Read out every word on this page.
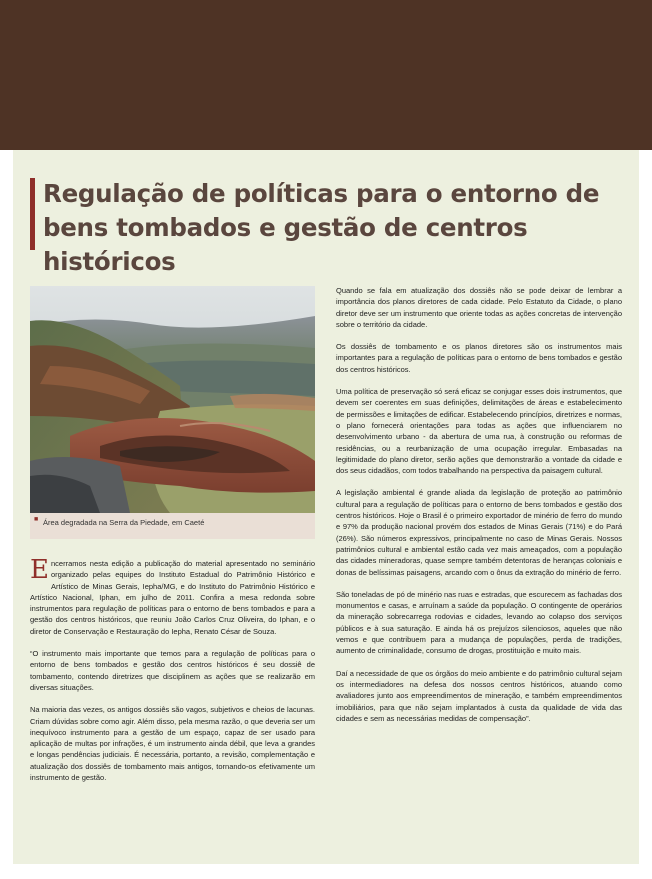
Regulação de políticas para o entorno de bens tombados e gestão de centros históricos
■ Área degradada na Serra da Piedade, em Caeté

Encerramos nesta edição a publicação do material apresentado no seminário organizado pelas equipes do Instituto Estadual do Patrimônio Histórico e Artístico de Minas Gerais, Iepha/MG, e do Instituto do Patrimônio Histórico e Artístico Nacional, Iphan, em julho de 2011. Confira a mesa redonda sobre instrumentos para regulação de políticas para o entorno de bens tombados e para a gestão dos centros históricos, que reuniu João Carlos Cruz Oliveira, do Iphan, e o diretor de Conservação e Restauração do Iepha, Renato César de Souza.

“O instrumento mais importante que temos para a regulação de políticas para o entorno de bens tombados e gestão dos centros históricos é seu dossiê de tombamento, contendo diretrizes que disciplinem as ações que se realizarão em diversas situações.

Na maioria das vezes, os antigos dossiês são vagos, subjetivos e cheios de lacunas. Criam dúvidas sobre como agir. Além disso, pela mesma razão, o que deveria ser um inequívoco instrumento para a gestão de um espaço, capaz de ser usado para aplicação de multas por infrações, é um instrumento ainda débil, que leva a grandes e longas pendências judiciais. É necessária, portanto, a revisão, complementação e atualização dos dossiês de tombamento mais antigos, tornando-os efetivamente um instrumento de gestão.

Quando se fala em atualização dos dossiês não se pode deixar de lembrar a importância dos planos diretores de cada cidade. Pelo Estatuto da Cidade, o plano diretor deve ser um instrumento que oriente todas as ações concretas de intervenção sobre o território da cidade.

Os dossiês de tombamento e os planos diretores são os instrumentos mais importantes para a regulação de políticas para o entorno de bens tombados e gestão dos centros históricos.

Uma política de preservação só será eficaz se conjugar esses dois instrumentos, que devem ser coerentes em suas definições, delimitações de áreas e estabelecimento de permissões e limitações de edificar. Estabelecendo princípios, diretrizes e normas, o plano fornecerá orientações para todas as ações que influenciarem no desenvolvimento urbano - da abertura de uma rua, à construção ou reformas de residências, ou a reurbanização de uma ocupação irregular. Embasadas na legitimidade do plano diretor, serão ações que demonstrarão a vontade da cidade e dos seus cidadãos, com todos trabalhando na perspectiva da paisagem cultural.

A legislação ambiental é grande aliada da legislação de proteção ao patrimônio cultural para a regulação de políticas para o entorno de bens tombados e gestão dos centros históricos. Hoje o Brasil é o primeiro exportador de minério de ferro do mundo e 97% da produção nacional provém dos estados de Minas Gerais (71%) e do Pará (26%). São números expressivos, principalmente no caso de Minas Gerais. Nossos patrimônios cultural e ambiental estão cada vez mais ameaçados, com a população das cidades mineradoras, quase sempre também detentoras de heranças coloniais e donas de belíssimas paisagens, arcando com o ônus da extração do minério de ferro.

São toneladas de pó de minério nas ruas e estradas, que escurecem as fachadas dos monumentos e casas, e arruínam a saúde da população. O contingente de operários da mineração sobrecarrega rodovias e cidades, levando ao colapso dos serviços públicos e à sua saturação. E ainda há os prejuízos silenciosos, aqueles que não vemos e que contribuem para a mudança de populações, perda de tradições, aumento de criminalidade, consumo de drogas, prostituição e muito mais.

Daí a necessidade de que os órgãos do meio ambiente e do patrimônio cultural sejam os intermediadores na defesa dos nossos centros históricos, atuando como avaliadores junto aos empreendimentos de mineração, e também empreendimentos imobiliários, para que não sejam implantados à custa da qualidade de vida das cidades e sem as necessárias medidas de compensação”.
